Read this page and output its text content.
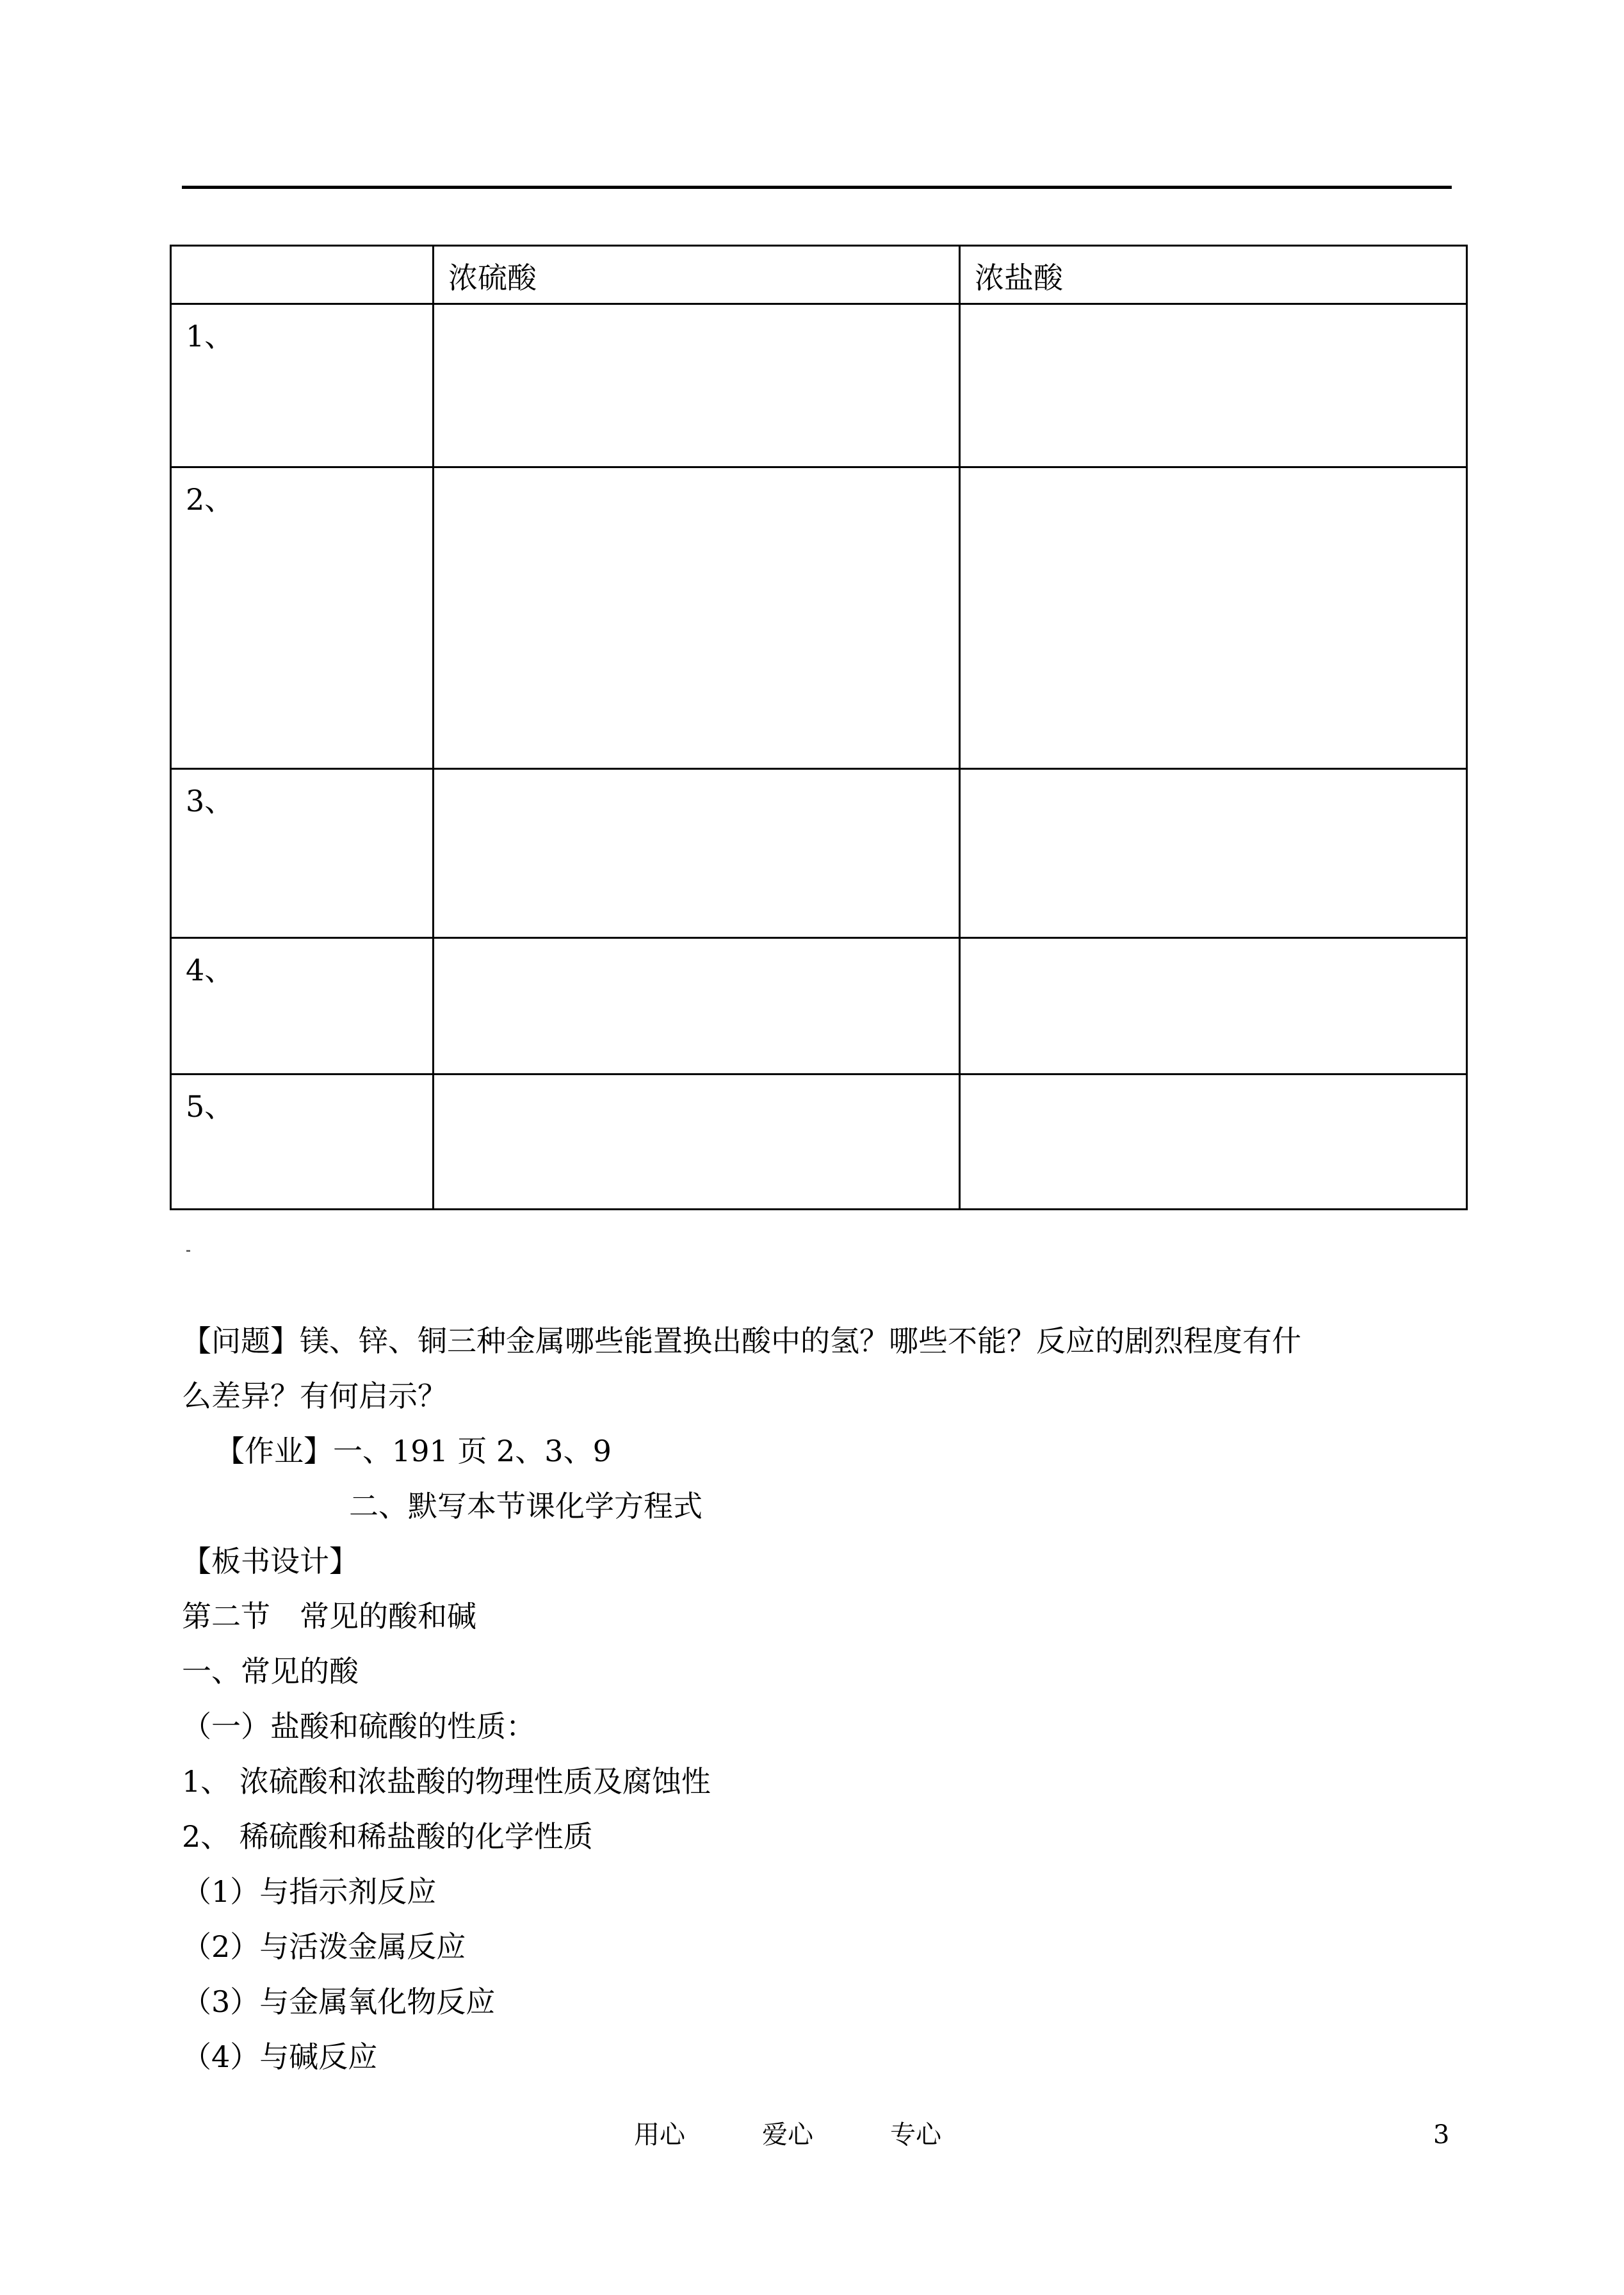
	浓硫酸	浓盐酸
1、		
2、		
3、		
4、		
5、		
【问题】镁、锌、铜三种金属哪些能置换出酸中的氢？哪些不能？反应的剧烈程度有什
么差异？有何启示？
【作业】一、191 页 2、3、9
二、默写本节课化学方程式
【板书设计】
第二节　常见的酸和碱
一、常见的酸
（一）盐酸和硫酸的性质：
1、 浓硫酸和浓盐酸的物理性质及腐蚀性
2、 稀硫酸和稀盐酸的化学性质
（1）与指示剂反应
（2）与活泼金属反应
（3）与金属氧化物反应
（4）与碱反应
用心	爱心	专心	3
